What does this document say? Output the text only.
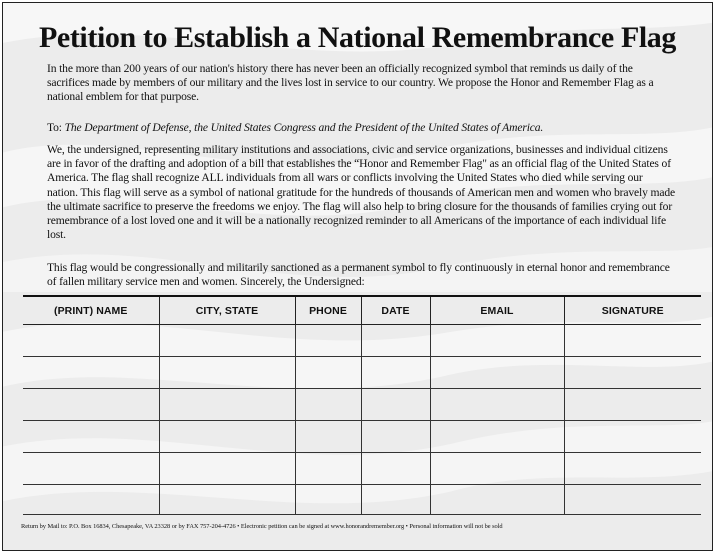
Petition to Establish a National Remembrance Flag

In the more than 200 years of our nation's history there has never been an officially recognized symbol that reminds us daily of the sacrifices made by members of our military and the lives lost in service to our country. We propose the Honor and Remember Flag as a national emblem for that purpose.

To: The Department of Defense, the United States Congress and the President of the United States of America.

We, the undersigned, representing military institutions and associations, civic and service organizations, businesses and individual citizens are in favor of the drafting and adoption of a bill that establishes the “Honor and Remember Flag" as an official flag of the United States of America. The flag shall recognize ALL individuals from all wars or conflicts involving the United States who died while serving our nation. This flag will serve as a symbol of national gratitude for the hundreds of thousands of American men and women who bravely made the ultimate sacrifice to preserve the freedoms we enjoy. The flag will also help to bring closure for the thousands of families crying out for remembrance of a lost loved one and it will be a nationally recognized reminder to all Americans of the importance of each individual life lost.

This flag would be congressionally and militarily sanctioned as a permanent symbol to fly continuously in eternal honor and remembrance of fallen military service men and women. Sincerely, the Undersigned:

(PRINT) NAME	CITY, STATE	PHONE	DATE	EMAIL	SIGNATURE

Return by Mail to: P.O. Box 16834, Chesapeake, VA 23328 or by FAX 757-204-4726 • Electronic petition can be signed at www.honorandremember.org • Personal information will not be sold
